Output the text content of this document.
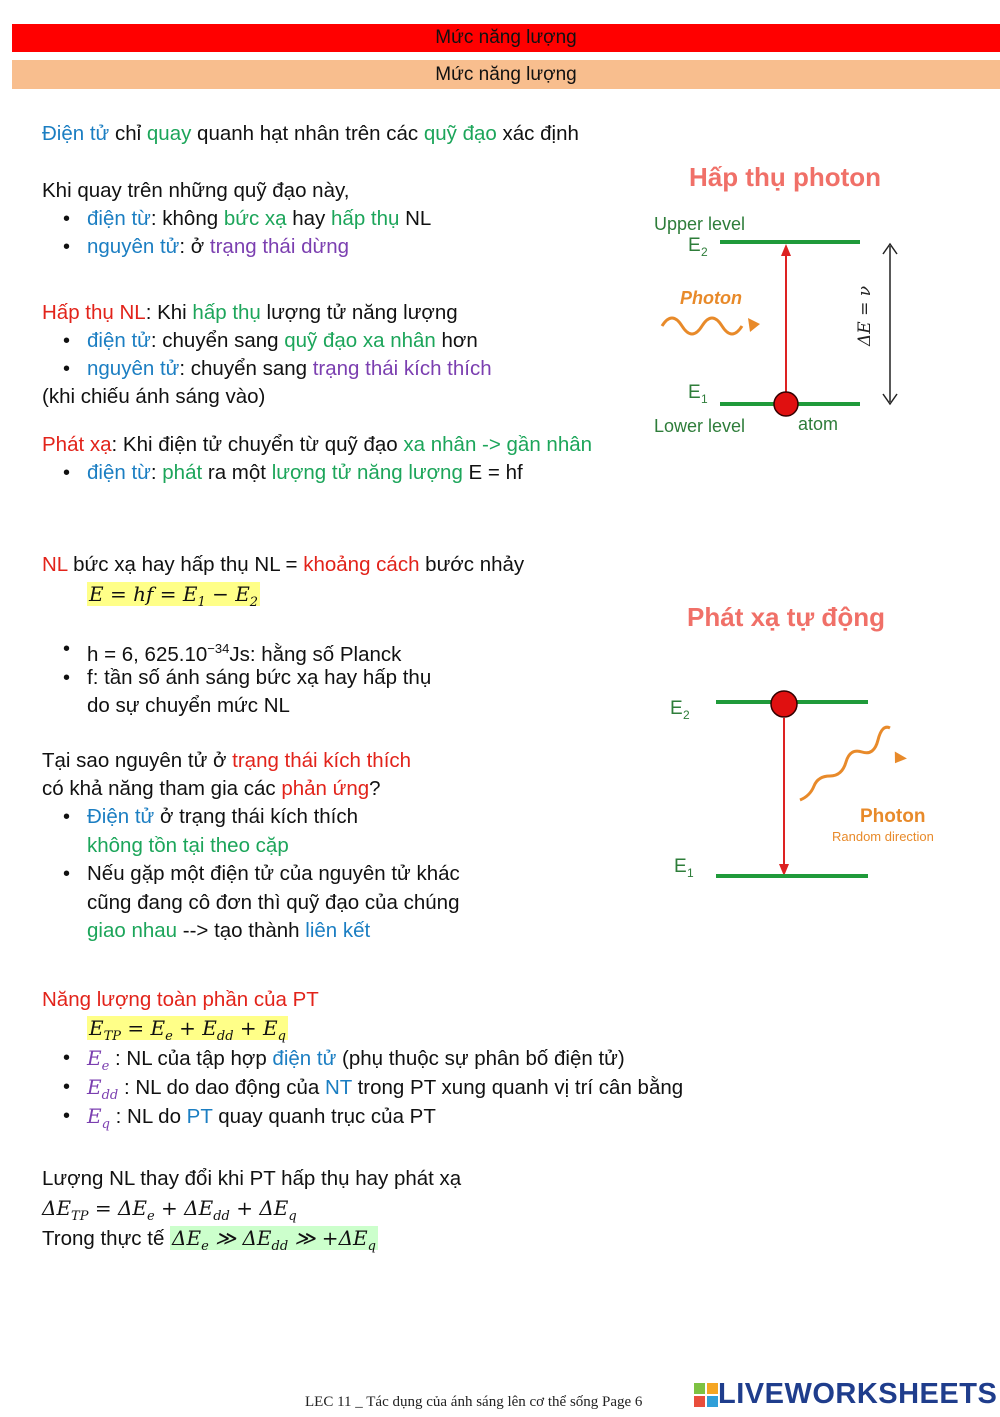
Mức năng lượng
Mức năng lượng
Điện tử chỉ quay quanh hạt nhân trên các quỹ đạo xác định
Khi quay trên những quỹ đạo này,
• điện từ: không bức xạ hay hấp thụ NL
• nguyên tử: ở trạng thái dừng
Hấp thụ NL: Khi hấp thụ lượng tử năng lượng
• điện tử: chuyển sang quỹ đạo xa nhân hơn
• nguyên tử: chuyển sang trạng thái kích thích
(khi chiếu ánh sáng vào)
Phát xạ: Khi điện tử chuyển từ quỹ đạo xa nhân -> gần nhân
• điện từ: phát ra một lượng tử năng lượng E = hf
NL bức xạ hay hấp thụ NL = khoảng cách bước nhảy
E = hf = $E_1 - E_2$
• h = 6, $625.10^{-34}Js$: hằng số Planck
• f: tần số ánh sáng bức xạ hay hấp thụ
do sự chuyển mức NL
Tại sao nguyên tử ở trạng thái kích thích
có khả năng tham gia các phản ứng?
• Điện tử ở trạng thái kích thích
không tồn tại theo cặp
• Nếu gặp một điện tử của nguyên tử khác
cũng đang cô đơn thì quỹ đạo của chúng
giao nhau --> tạo thành liên kết
Năng lượng toàn phần của PT
$E_{TP} = E_e + E_{dd} + E_q$
• $E_e$ : NL của tập hợp điện tử (phụ thuộc sự phân bố điện tử)
• $E_{dd}$ : NL do dao động của NT trong PT xung quanh vị trí cân bằng
• $E_q$ : NL do PT quay quanh trục của PT
Lượng NL thay đổi khi PT hấp thụ hay phát xạ
$\Delta E_{TP} = \Delta E_e + \Delta E_{dd} + \Delta E_q$
Trong thực tế $\Delta E_e$ ≫ $\Delta E_{dd}$ ≫ $+\Delta E_q$
Hấp thụ photon
Upper level
E 2
Photon
E 1
Lower level	atom
ΔE = ν
Phát xạ tự động
E 2
Photon
Random direction
E 1
LEC 11 _ Tác dụng của ánh sáng lên cơ thể sống Page 6	LIVEWORKSHEETS
